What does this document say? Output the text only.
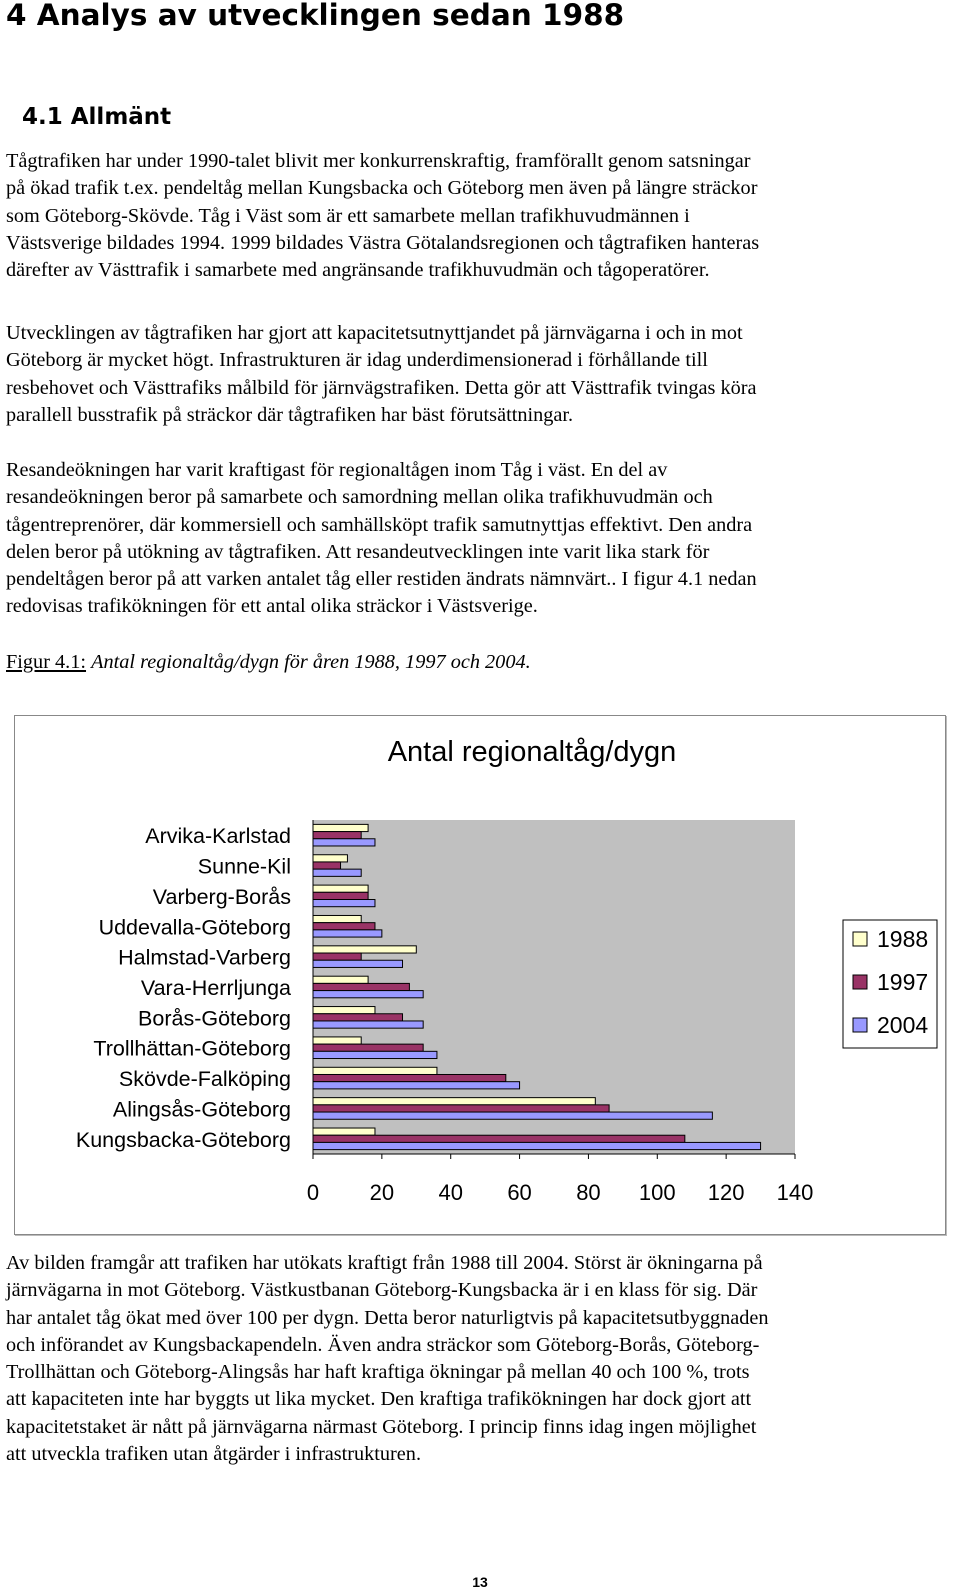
4 Analys av utvecklingen sedan 1988
4.1 Allmänt
Tågtrafiken har under 1990-talet blivit mer konkurrenskraftig, framförallt genom satsningar
på ökad trafik t.ex. pendeltåg mellan Kungsbacka och Göteborg men även på längre sträckor
som Göteborg-Skövde. Tåg i Väst som är ett samarbete mellan trafikhuvudmännen i
Västsverige bildades 1994. 1999 bildades Västra Götalandsregionen och tågtrafiken hanteras
därefter av Västtrafik i samarbete med angränsande trafikhuvudmän och tågoperatörer.
Utvecklingen av tågtrafiken har gjort att kapacitetsutnyttjandet på järnvägarna i och in mot
Göteborg är mycket högt. Infrastrukturen är idag underdimensionerad i förhållande till
resbehovet och Västtrafiks målbild för järnvägstrafiken. Detta gör att Västtrafik tvingas köra
parallell busstrafik på sträckor där tågtrafiken har bäst förutsättningar.
Resandeökningen har varit kraftigast för regionaltågen inom Tåg i väst. En del av
resandeökningen beror på samarbete och samordning mellan olika trafikhuvudmän och
tågentreprenörer, där kommersiell och samhällsköpt trafik samutnyttjas effektivt. Den andra
delen beror på utökning av tågtrafiken. Att resandeutvecklingen inte varit lika stark för
pendeltågen beror på att varken antalet tåg eller restiden ändrats nämnvärt.. I figur 4.1 nedan
redovisas trafikökningen för ett antal olika sträckor i Västsverige.
Figur 4.1: Antal regionaltåg/dygn för åren 1988, 1997 och 2004.
Antal regionaltåg/dygn
Arvika-Karlstad
Sunne-Kil
Varberg-Borås
Uddevalla-Göteborg
Halmstad-Varberg
Vara-Herrljunga
Borås-Göteborg
Trollhättan-Göteborg
Skövde-Falköping
Alingsås-Göteborg
Kungsbacka-Göteborg
0 20 40 60 80 100 120 140
1988
1997
2004
Av bilden framgår att trafiken har utökats kraftigt från 1988 till 2004. Störst är ökningarna på
järnvägarna in mot Göteborg. Västkustbanan Göteborg-Kungsbacka är i en klass för sig. Där
har antalet tåg ökat med över 100 per dygn. Detta beror naturligtvis på kapacitetsutbyggnaden
och införandet av Kungsbackapendeln. Även andra sträckor som Göteborg-Borås, Göteborg-
Trollhättan och Göteborg-Alingsås har haft kraftiga ökningar på mellan 40 och 100 %, trots
att kapaciteten inte har byggts ut lika mycket. Den kraftiga trafikökningen har dock gjort att
kapacitetstaket är nått på järnvägarna närmast Göteborg. I princip finns idag ingen möjlighet
att utveckla trafiken utan åtgärder i infrastrukturen.
13
